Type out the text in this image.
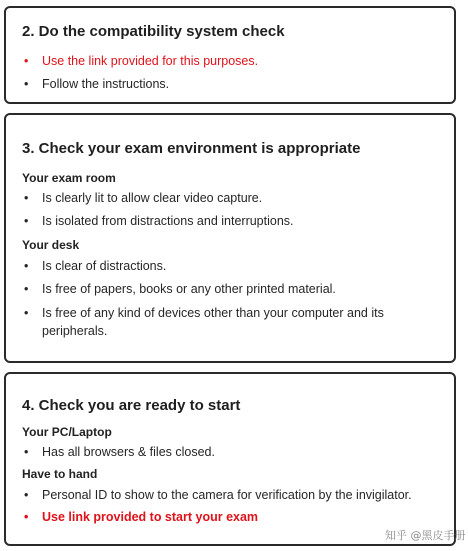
2. Do the compatibility system check

• Use the link provided for this purposes.
• Follow the instructions.

3. Check your exam environment is appropriate

Your exam room

• Is clearly lit to allow clear video capture.
• Is isolated from distractions and interruptions.

Your desk

• Is clear of distractions.
• Is free of papers, books or any other printed material.
• Is free of any kind of devices other than your computer and its peripherals.

4. Check you are ready to start

Your PC/Laptop

• Has all browsers & files closed.

Have to hand

• Personal ID to show to the camera for verification by the invigilator.
• Use link provided to start your exam
知乎 @黑皮手册
